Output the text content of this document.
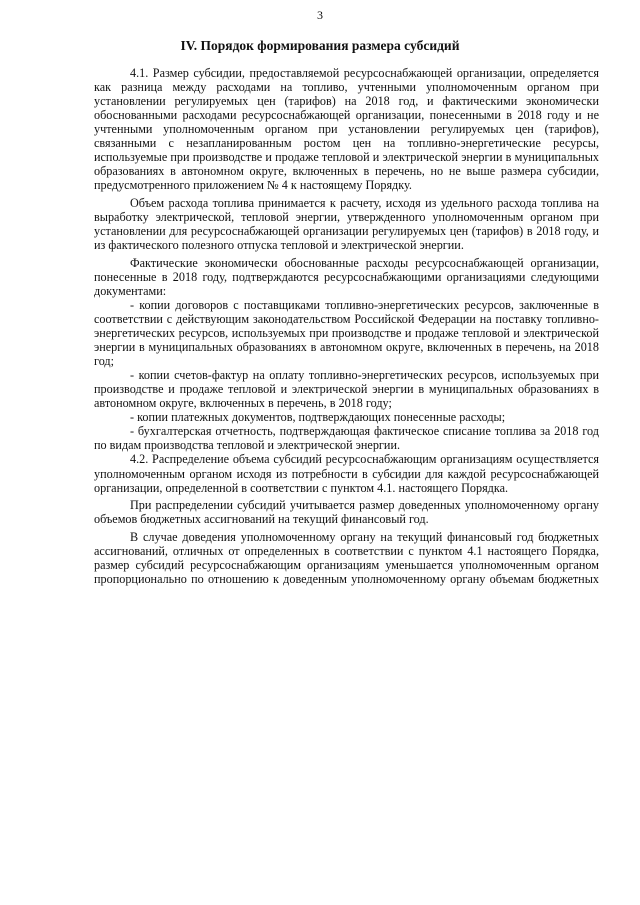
3
IV. Порядок формирования размера субсидий

4.1. Размер субсидии, предоставляемой ресурсоснабжающей организации, определяется как разница между расходами на топливо, учтенными уполномоченным органом при установлении регулируемых цен (тарифов) на 2018 год, и фактическими экономически обоснованными расходами ресурсоснабжающей организации, понесенными в 2018 году и не учтенными уполномоченным органом при установлении регулируемых цен (тарифов), связанными с незапланированным ростом цен на топливно-энергетические ресурсы, используемые при производстве и продаже тепловой и электрической энергии в муниципальных образованиях в автономном округе, включенных в перечень, но не выше размера субсидии, предусмотренного приложением № 4 к настоящему Порядку.

Объем расхода топлива принимается к расчету, исходя из удельного расхода топлива на выработку электрической, тепловой энергии, утвержденного уполномоченным органом при установлении для ресурсоснабжающей организации регулируемых цен (тарифов) в 2018 году, и из фактического полезного отпуска тепловой и электрической энергии.

Фактические экономически обоснованные расходы ресурсоснабжающей организации, понесенные в 2018 году, подтверждаются ресурсоснабжающими организациями следующими документами:

- копии договоров с поставщиками топливно-энергетических ресурсов, заключенные в соответствии с действующим законодательством Российской Федерации на поставку топливно-энергетических ресурсов, используемых при производстве и продаже тепловой и электрической энергии в муниципальных образованиях в автономном округе, включенных в перечень, на 2018 год;

- копии счетов-фактур на оплату топливно-энергетических ресурсов, используемых при производстве и продаже тепловой и электрической энергии в муниципальных образованиях в автономном округе, включенных в перечень, в 2018 году;

- копии платежных документов, подтверждающих понесенные расходы;

- бухгалтерская отчетность, подтверждающая фактическое списание топлива за 2018 год по видам производства тепловой и электрической энергии.

4.2. Распределение объема субсидий ресурсоснабжающим организациям осуществляется уполномоченным органом исходя из потребности в субсидии для каждой ресурсоснабжающей организации, определенной в соответствии с пунктом 4.1. настоящего Порядка.

При распределении субсидий учитывается размер доведенных уполномоченному органу объемов бюджетных ассигнований на текущий финансовый год.

В случае доведения уполномоченному органу на текущий финансовый год бюджетных ассигнований, отличных от определенных в соответствии с пунктом 4.1 настоящего Порядка, размер субсидий ресурсоснабжающим организациям уменьшается уполномоченным органом пропорционально по отношению к доведенным уполномоченному органу объемам бюджетных
